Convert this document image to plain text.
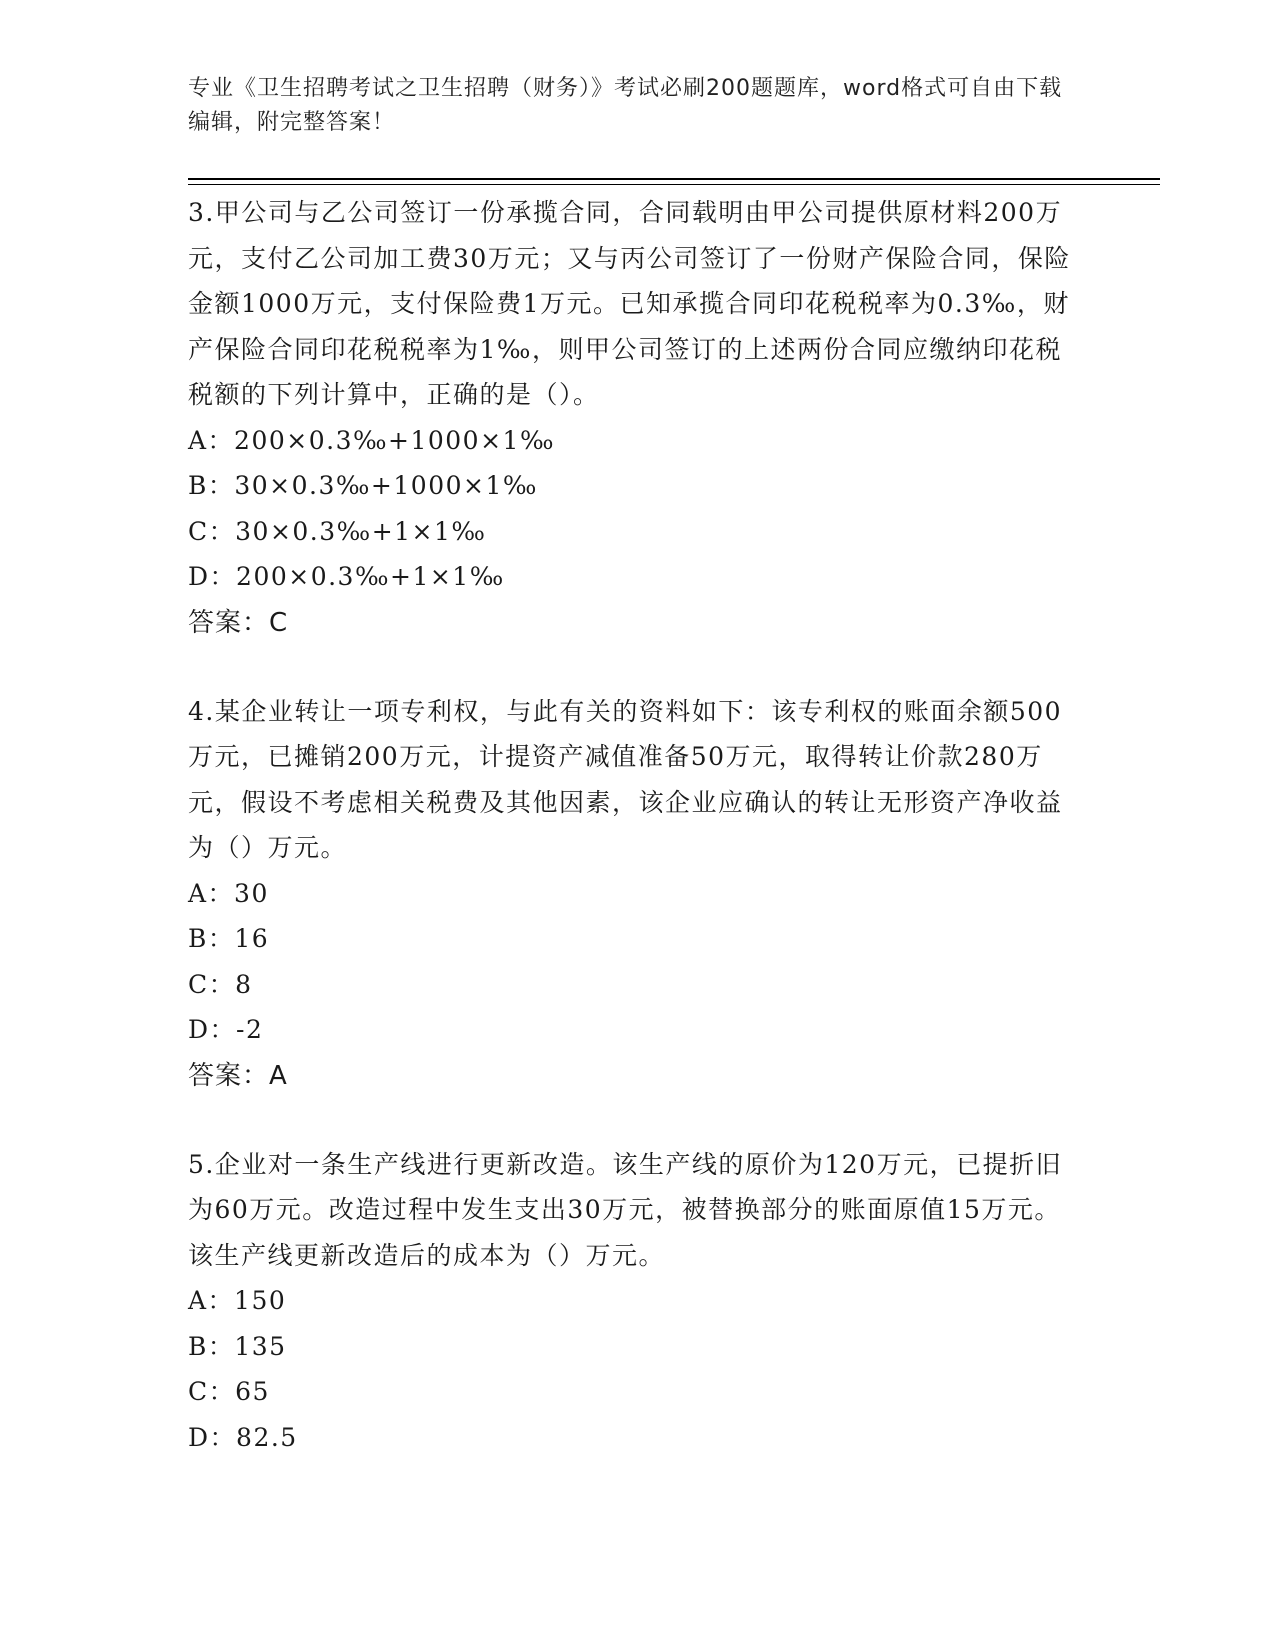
专业《卫生招聘考试之卫生招聘（财务）》考试必刷200题题库，word格式可自由下载编辑，附完整答案！

3.甲公司与乙公司签订一份承揽合同，合同载明由甲公司提供原材料200万元，支付乙公司加工费30万元；又与丙公司签订了一份财产保险合同，保险金额1000万元，支付保险费1万元。已知承揽合同印花税税率为0.3‰，财产保险合同印花税税率为1‰，则甲公司签订的上述两份合同应缴纳印花税税额的下列计算中，正确的是（）。

A：200×0.3‰+1000×1‰

B：30×0.3‰+1000×1‰

C：30×0.3‰+1×1‰

D：200×0.3‰+1×1‰

答案：C

4.某企业转让一项专利权，与此有关的资料如下：该专利权的账面余额500万元，已摊销200万元，计提资产减值准备50万元，取得转让价款280万元，假设不考虑相关税费及其他因素，该企业应确认的转让无形资产净收益为（）万元。

A：30

B：16

C：8

D：-2

答案：A

5.企业对一条生产线进行更新改造。该生产线的原价为120万元，已提折旧为60万元。改造过程中发生支出30万元，被替换部分的账面原值15万元。该生产线更新改造后的成本为（）万元。

A：150

B：135

C：65

D：82.5
